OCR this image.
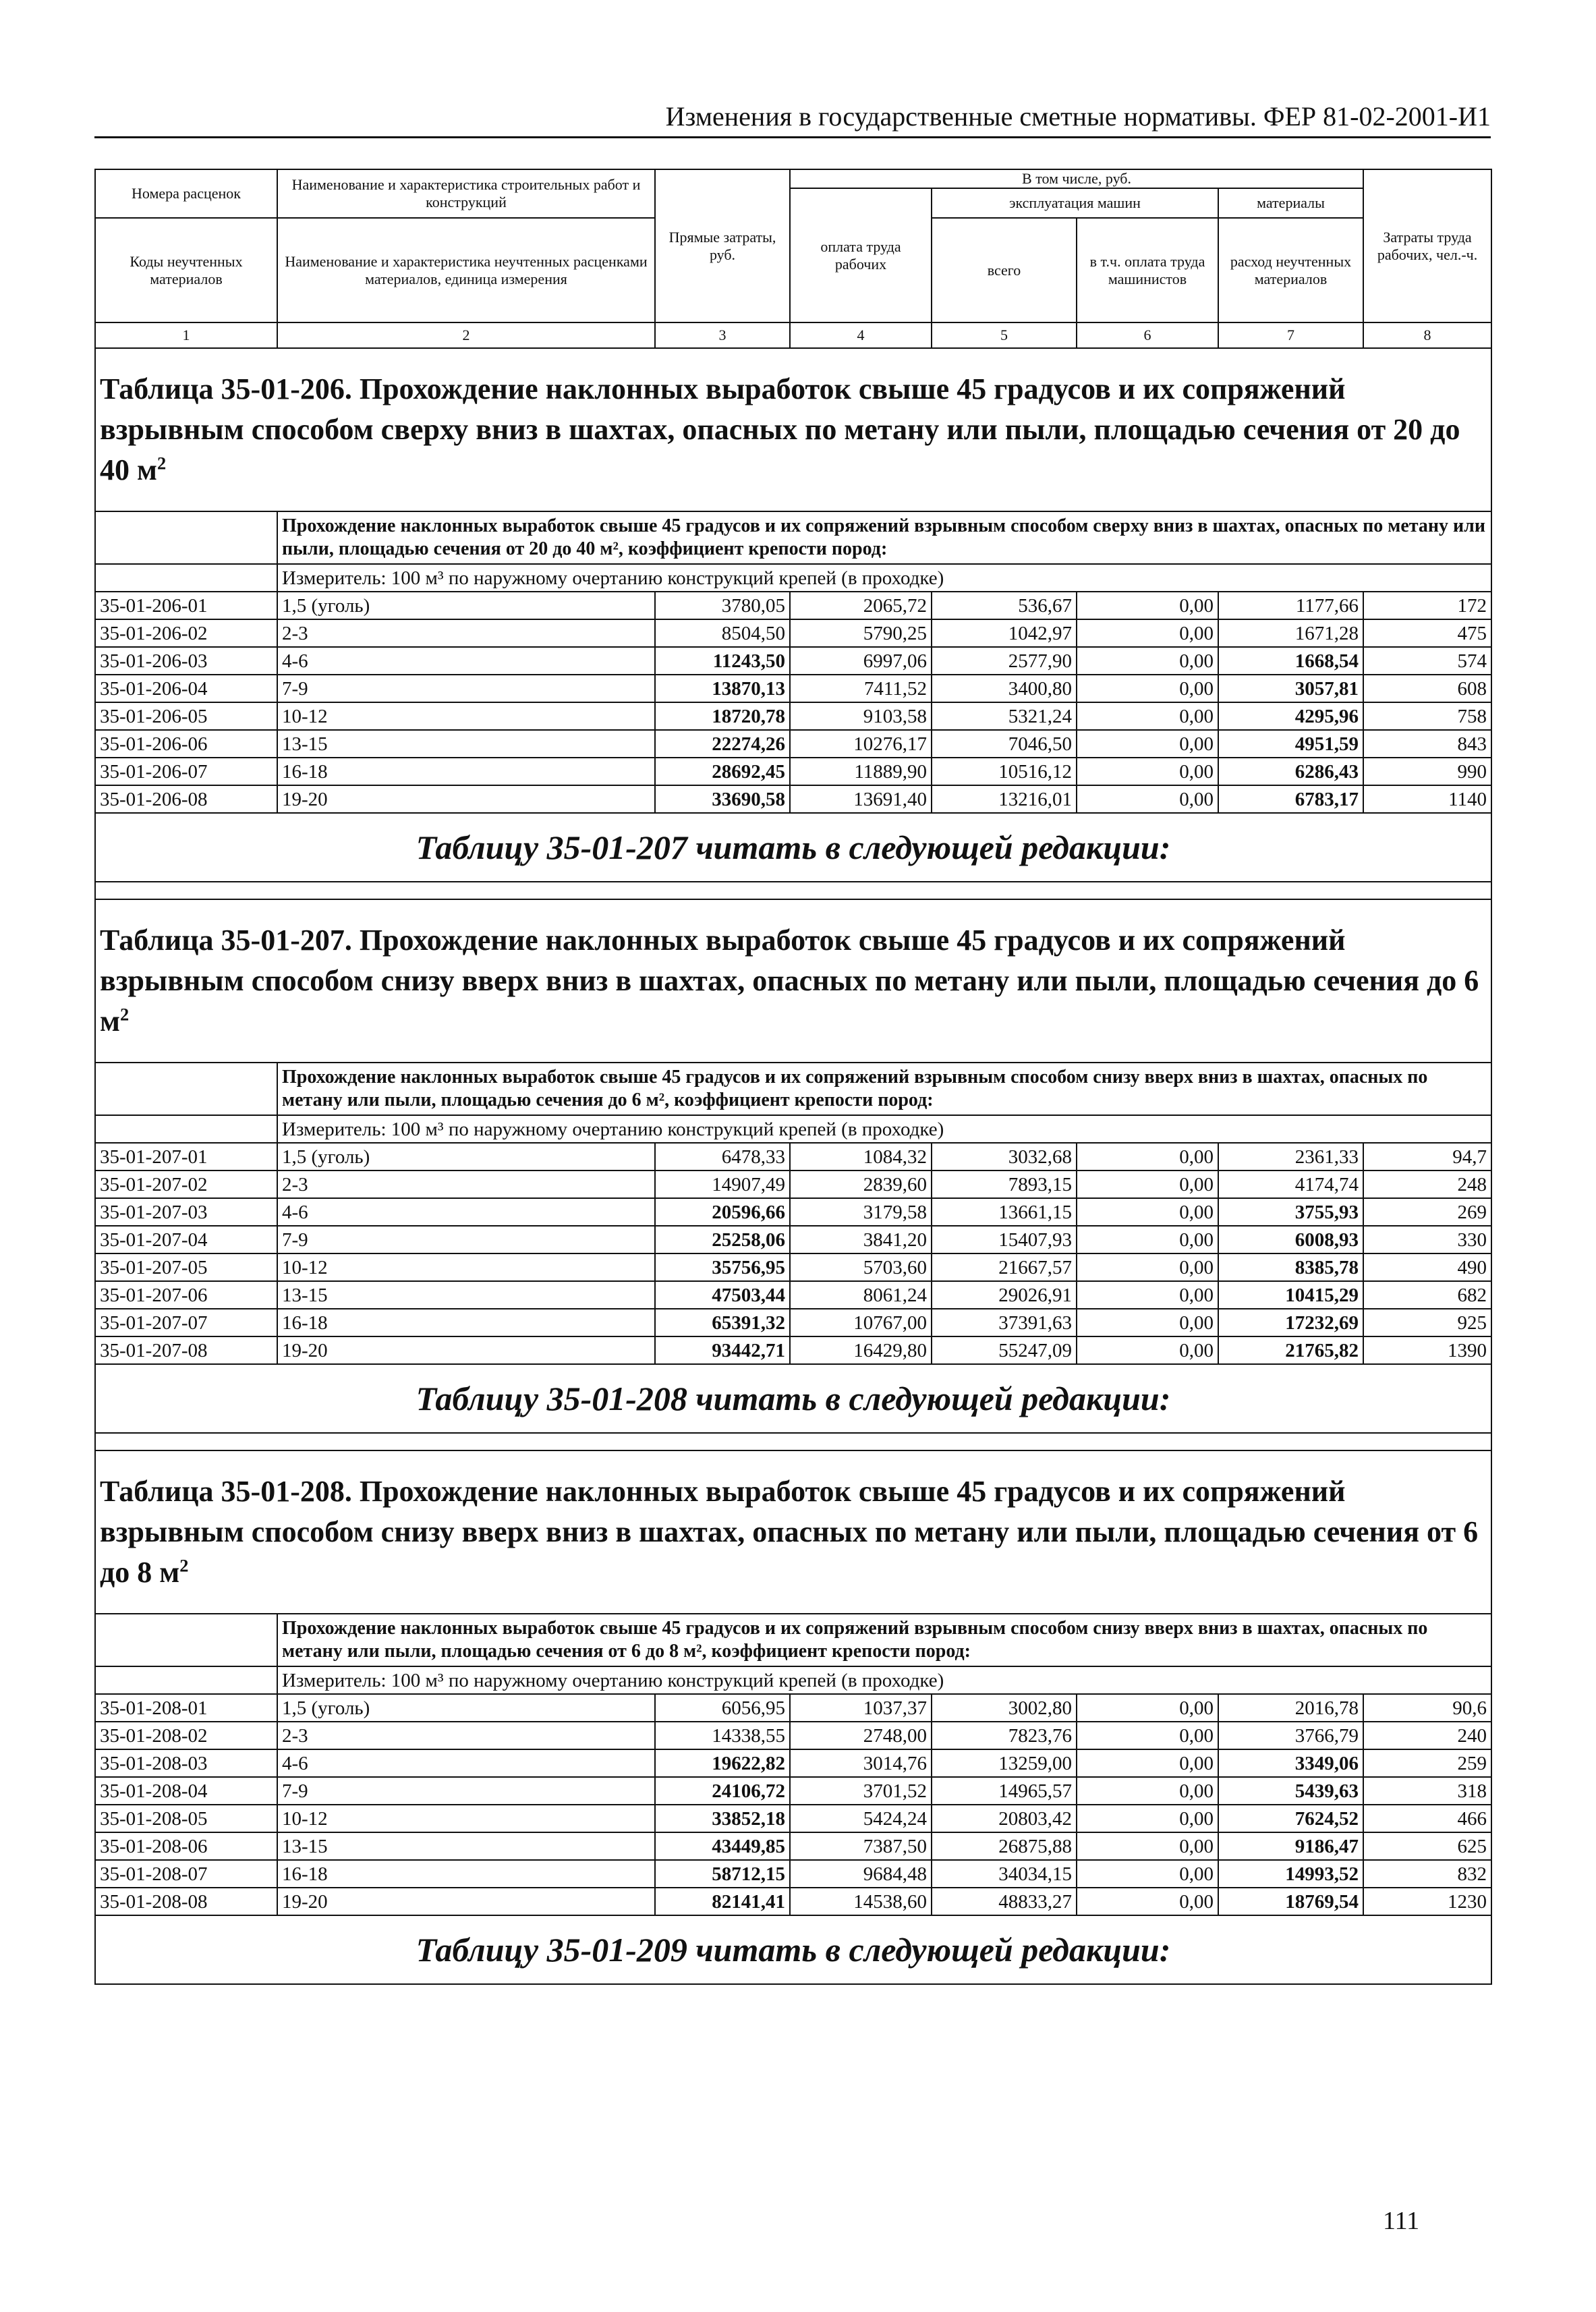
Изменения в государственные сметные нормативы. ФЕР 81-02-2001-И1
Номера расценок	Наименование и характеристика строительных работ и конструкций	Прямые затраты, руб.	В том числе, руб.				Затраты труда рабочих, чел.-ч.
			оплата труда рабочих	эксплуатация машин		материалы	
Коды неучтенных материалов	Наименование и характеристика неучтенных расценками материалов, единица измерения			всего	в т.ч. оплата труда машинистов	расход неучтенных материалов	

1	2	3	4	5	6	7	8
Таблица 35-01-206. Прохождение наклонных выработок свыше 45 градусов и их сопряжений взрывным способом сверху вниз в шахтах, опасных по метану или пыли, площадью сечения от 20 до 40 $м^2$

	Прохождение наклонных выработок свыше 45 градусов и их сопряжений взрывным способом сверху вниз в шахтах, опасных по метану или пыли, площадью сечения от 20 до 40 м², коэффициент крепости пород:						
	Измеритель: 100 м³ по наружному очертанию конструкций крепей (в проходке)						
35-01-206-01	1,5 (уголь)	3780,05	2065,72	536,67	0,00	1177,66	172
35-01-206-02	2-3	8504,50	5790,25	1042,97	0,00	1671,28	475
35-01-206-03	4-6	11243,50	6997,06	2577,90	0,00	1668,54	574
35-01-206-04	7-9	13870,13	7411,52	3400,80	0,00	3057,81	608
35-01-206-05	10-12	18720,78	9103,58	5321,24	0,00	4295,96	758
35-01-206-06	13-15	22274,26	10276,17	7046,50	0,00	4951,59	843
35-01-206-07	16-18	28692,45	11889,90	10516,12	0,00	6286,43	990
35-01-206-08	19-20	33690,58	13691,40	13216,01	0,00	6783,17	1140
Таблицу 35-01-207 читать в следующей редакции:							

Таблица 35-01-207. Прохождение наклонных выработок свыше 45 градусов и их сопряжений взрывным способом снизу вверх вниз в шахтах, опасных по метану или пыли, площадью сечения до 6 $м^2$

	Прохождение наклонных выработок свыше 45 градусов и их сопряжений взрывным способом снизу вверх вниз в шахтах, опасных по метану или пыли, площадью сечения до 6 м², коэффициент крепости пород:						
	Измеритель: 100 м³ по наружному очертанию конструкций крепей (в проходке)						
35-01-207-01	1,5 (уголь)	6478,33	1084,32	3032,68	0,00	2361,33	94,7
35-01-207-02	2-3	14907,49	2839,60	7893,15	0,00	4174,74	248
35-01-207-03	4-6	20596,66	3179,58	13661,15	0,00	3755,93	269
35-01-207-04	7-9	25258,06	3841,20	15407,93	0,00	6008,93	330
35-01-207-05	10-12	35756,95	5703,60	21667,57	0,00	8385,78	490
35-01-207-06	13-15	47503,44	8061,24	29026,91	0,00	10415,29	682
35-01-207-07	16-18	65391,32	10767,00	37391,63	0,00	17232,69	925
35-01-207-08	19-20	93442,71	16429,80	55247,09	0,00	21765,82	1390
Таблицу 35-01-208 читать в следующей редакции:							

Таблица 35-01-208. Прохождение наклонных выработок свыше 45 градусов и их сопряжений взрывным способом снизу вверх вниз в шахтах, опасных по метану или пыли, площадью сечения от 6 до 8 $м^2$

	Прохождение наклонных выработок свыше 45 градусов и их сопряжений взрывным способом снизу вверх вниз в шахтах, опасных по метану или пыли, площадью сечения от 6 до 8 м², коэффициент крепости пород:						
	Измеритель: 100 м³ по наружному очертанию конструкций крепей (в проходке)						
35-01-208-01	1,5 (уголь)	6056,95	1037,37	3002,80	0,00	2016,78	90,6
35-01-208-02	2-3	14338,55	2748,00	7823,76	0,00	3766,79	240
35-01-208-03	4-6	19622,82	3014,76	13259,00	0,00	3349,06	259
35-01-208-04	7-9	24106,72	3701,52	14965,57	0,00	5439,63	318
35-01-208-05	10-12	33852,18	5424,24	20803,42	0,00	7624,52	466
35-01-208-06	13-15	43449,85	7387,50	26875,88	0,00	9186,47	625
35-01-208-07	16-18	58712,15	9684,48	34034,15	0,00	14993,52	832
35-01-208-08	19-20	82141,41	14538,60	48833,27	0,00	18769,54	1230
Таблицу 35-01-209 читать в следующей редакции:							
111
